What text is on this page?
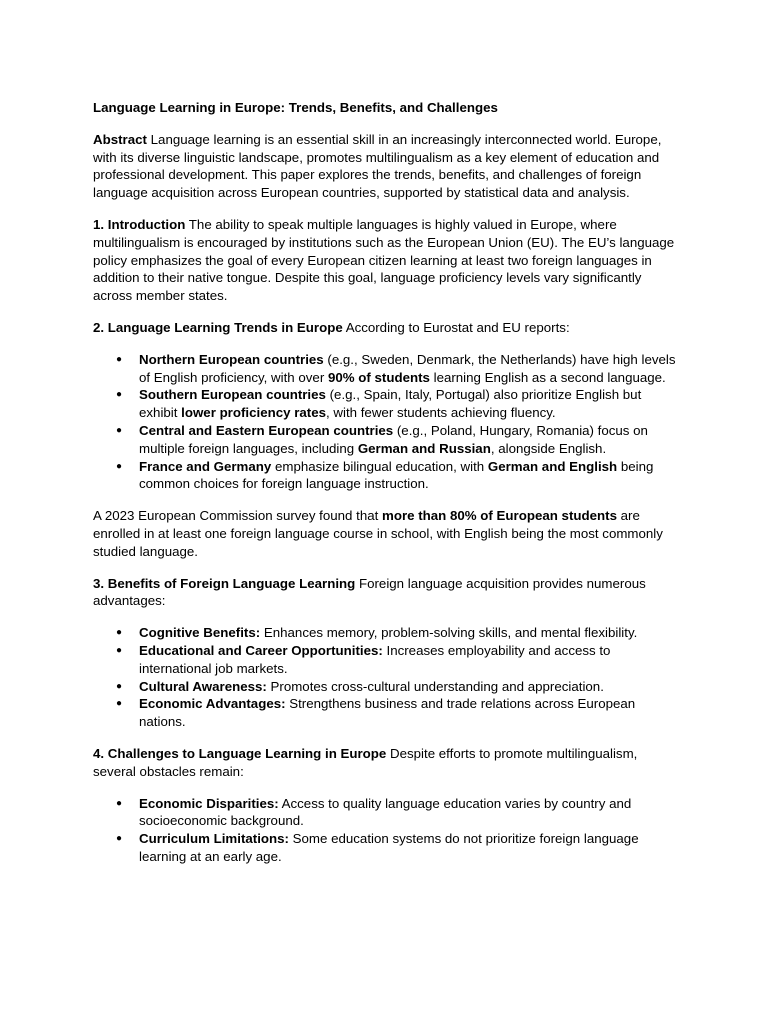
Language Learning in Europe: Trends, Benefits, and Challenges

Abstract Language learning is an essential skill in an increasingly interconnected world. Europe, with its diverse linguistic landscape, promotes multilingualism as a key element of education and professional development. This paper explores the trends, benefits, and challenges of foreign language acquisition across European countries, supported by statistical data and analysis.

1. Introduction The ability to speak multiple languages is highly valued in Europe, where multilingualism is encouraged by institutions such as the European Union (EU). The EU’s language policy emphasizes the goal of every European citizen learning at least two foreign languages in addition to their native tongue. Despite this goal, language proficiency levels vary significantly across member states.

2. Language Learning Trends in Europe According to Eurostat and EU reports:

● Northern European countries (e.g., Sweden, Denmark, the Netherlands) have high levels of English proficiency, with over 90% of students learning English as a second language.
● Southern European countries (e.g., Spain, Italy, Portugal) also prioritize English but exhibit lower proficiency rates, with fewer students achieving fluency.
● Central and Eastern European countries (e.g., Poland, Hungary, Romania) focus on multiple foreign languages, including German and Russian, alongside English.
● France and Germany emphasize bilingual education, with German and English being common choices for foreign language instruction.

A 2023 European Commission survey found that more than 80% of European students are enrolled in at least one foreign language course in school, with English being the most commonly studied language.

3. Benefits of Foreign Language Learning Foreign language acquisition provides numerous advantages:

● Cognitive Benefits: Enhances memory, problem-solving skills, and mental flexibility.
● Educational and Career Opportunities: Increases employability and access to international job markets.
● Cultural Awareness: Promotes cross-cultural understanding and appreciation.
● Economic Advantages: Strengthens business and trade relations across European nations.

4. Challenges to Language Learning in Europe Despite efforts to promote multilingualism, several obstacles remain:

● Economic Disparities: Access to quality language education varies by country and socioeconomic background.
● Curriculum Limitations: Some education systems do not prioritize foreign language learning at an early age.
